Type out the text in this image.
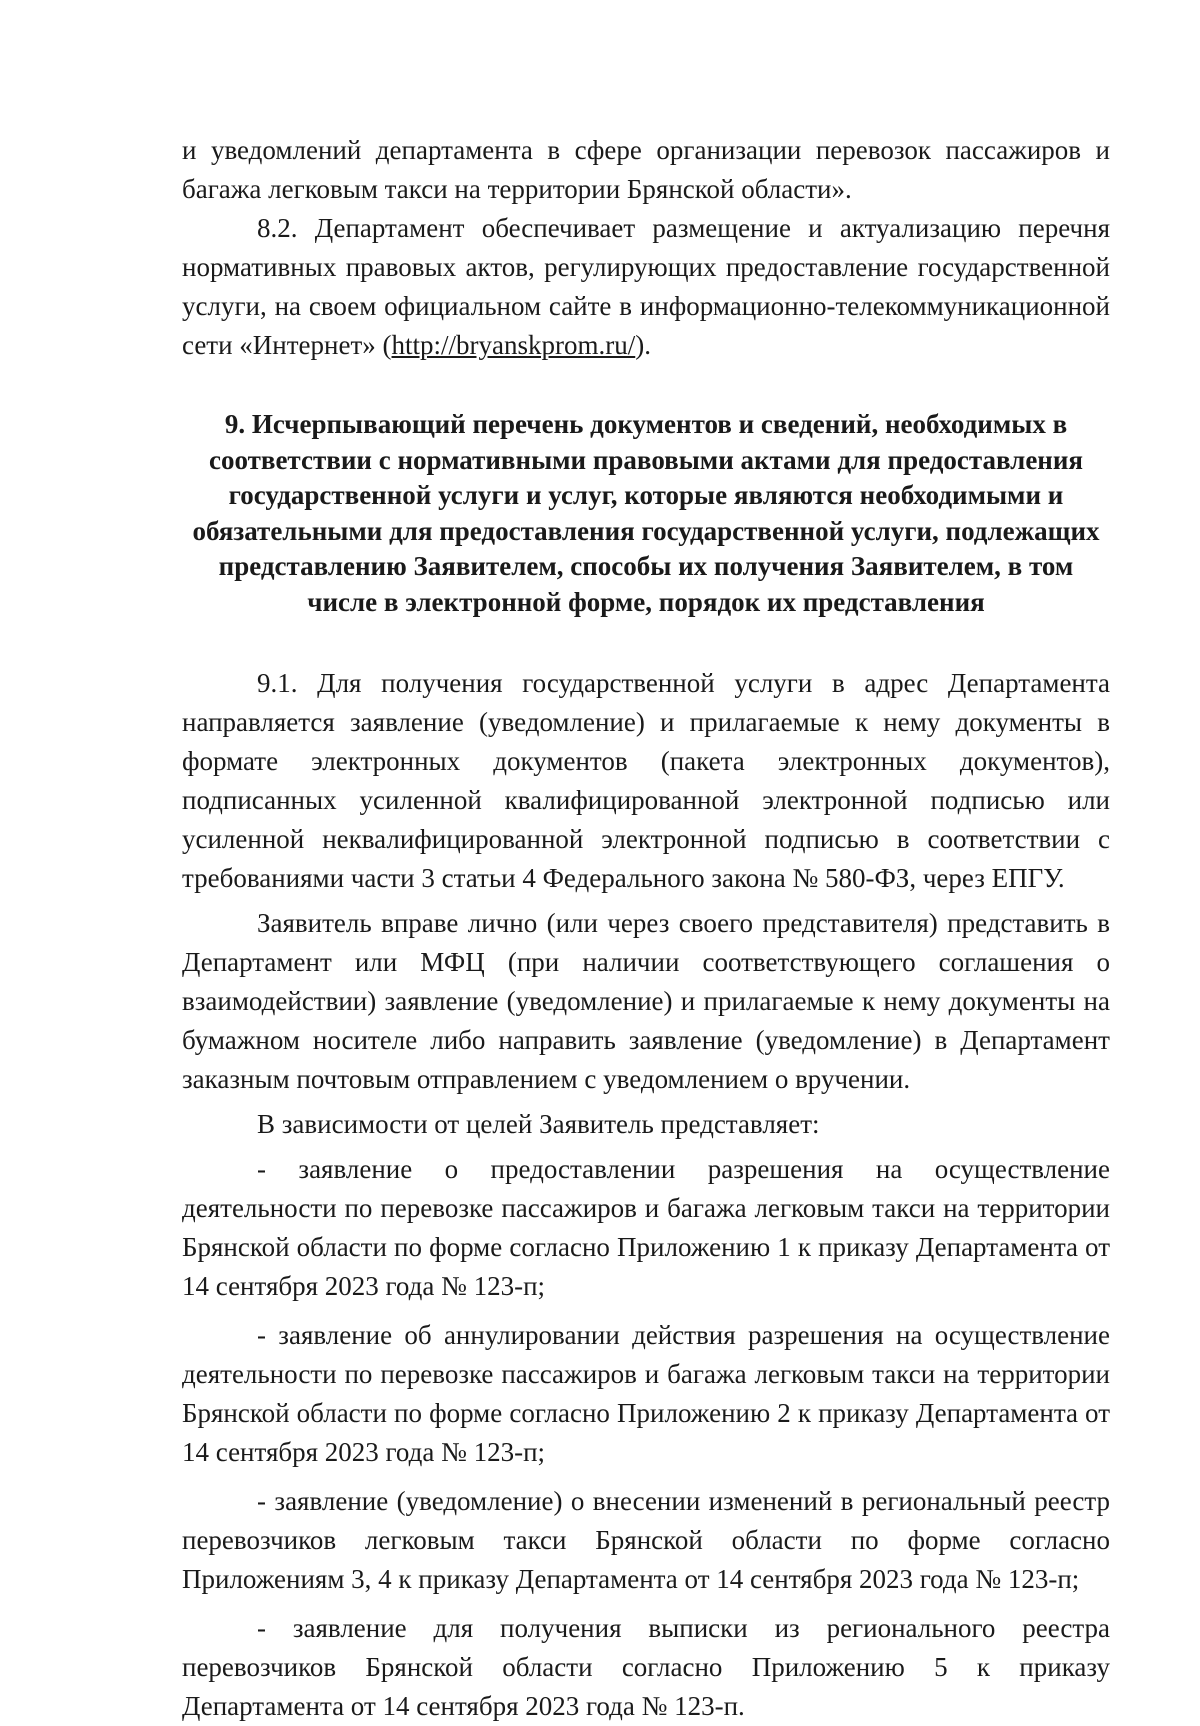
и уведомлений департамента в сфере организации перевозок пассажиров и багажа легковым такси на территории Брянской области».

8.2. Департамент обеспечивает размещение и актуализацию перечня нормативных правовых актов, регулирующих предоставление государственной услуги, на своем официальном сайте в информационно-телекоммуникационной сети «Интернет» (http://bryanskprom.ru/).

9. Исчерпывающий перечень документов и сведений, необходимых в соответствии с нормативными правовыми актами для предоставления государственной услуги и услуг, которые являются необходимыми и обязательными для предоставления государственной услуги, подлежащих представлению Заявителем, способы их получения Заявителем, в том числе в электронной форме, порядок их представления

9.1. Для получения государственной услуги в адрес Департамента направляется заявление (уведомление) и прилагаемые к нему документы в формате электронных документов (пакета электронных документов), подписанных усиленной квалифицированной электронной подписью или усиленной неквалифицированной электронной подписью в соответствии с требованиями части 3 статьи 4 Федерального закона № 580-ФЗ, через ЕПГУ.

Заявитель вправе лично (или через своего представителя) представить в Департамент или МФЦ (при наличии соответствующего соглашения о взаимодействии) заявление (уведомление) и прилагаемые к нему документы на бумажном носителе либо направить заявление (уведомление) в Департамент заказным почтовым отправлением с уведомлением о вручении.

В зависимости от целей Заявитель представляет:

- заявление о предоставлении разрешения на осуществление деятельности по перевозке пассажиров и багажа легковым такси на территории Брянской области по форме согласно Приложению 1 к приказу Департамента от 14 сентября 2023 года № 123-п;

- заявление об аннулировании действия разрешения на осуществление деятельности по перевозке пассажиров и багажа легковым такси на территории Брянской области по форме согласно Приложению 2 к приказу Департамента от 14 сентября 2023 года № 123-п;

- заявление (уведомление) о внесении изменений в региональный реестр перевозчиков легковым такси Брянской области по форме согласно Приложениям 3, 4 к приказу Департамента от 14 сентября 2023 года № 123-п;

- заявление для получения выписки из регионального реестра перевозчиков Брянской области согласно Приложению 5 к приказу Департамента от 14 сентября 2023 года № 123-п.
